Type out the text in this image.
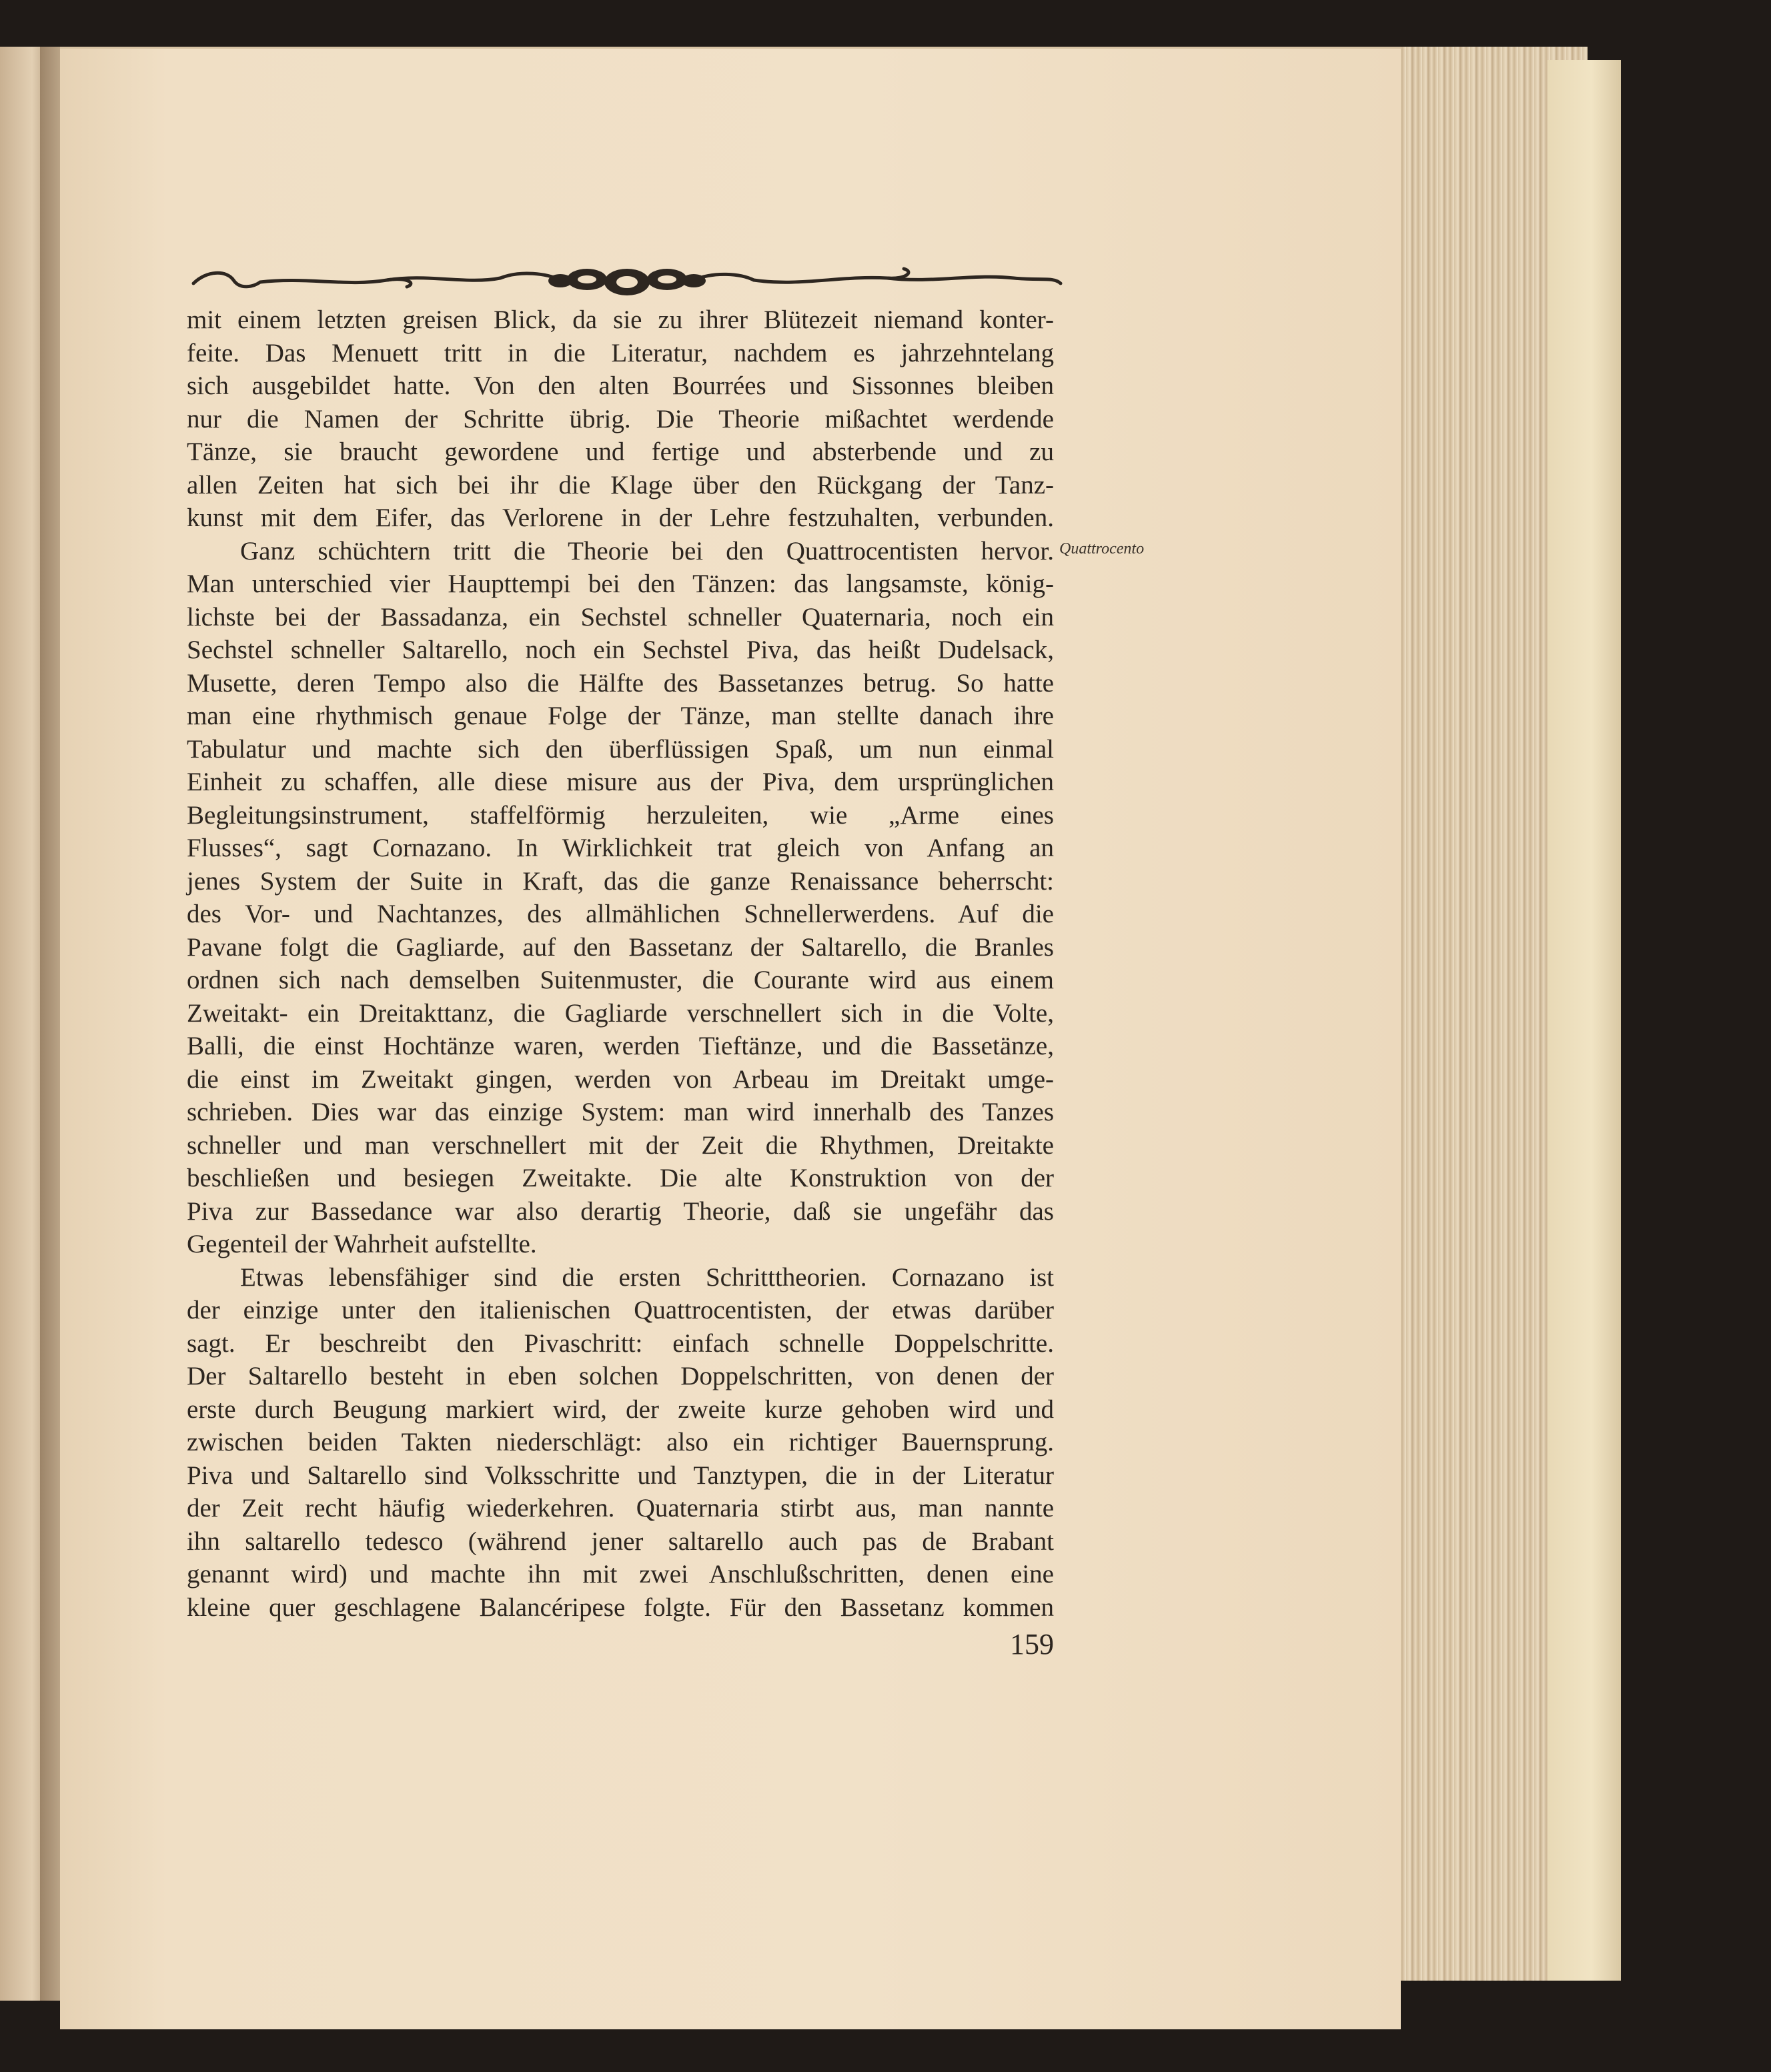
mit einem letzten greisen Blick, da sie zu ihrer Blütezeit niemand konter-
feite. Das Menuett tritt in die Literatur, nachdem es jahrzehntelang
sich ausgebildet hatte. Von den alten Bourrées und Sissonnes bleiben
nur die Namen der Schritte übrig. Die Theorie mißachtet werdende
Tänze, sie braucht gewordene und fertige und absterbende und zu
allen Zeiten hat sich bei ihr die Klage über den Rückgang der Tanz-
kunst mit dem Eifer, das Verlorene in der Lehre festzuhalten, verbunden.
Ganz schüchtern tritt die Theorie bei den Quattrocentisten hervor.
Man unterschied vier Haupttempi bei den Tänzen: das langsamste, könig-
lichste bei der Bassadanza, ein Sechstel schneller Quaternaria, noch ein
Sechstel schneller Saltarello, noch ein Sechstel Piva, das heißt Dudelsack,
Musette, deren Tempo also die Hälfte des Bassetanzes betrug. So hatte
man eine rhythmisch genaue Folge der Tänze, man stellte danach ihre
Tabulatur und machte sich den überflüssigen Spaß, um nun einmal
Einheit zu schaffen, alle diese misure aus der Piva, dem ursprünglichen
Begleitungsinstrument, staffelförmig herzuleiten, wie „Arme eines
Flusses“, sagt Cornazano. In Wirklichkeit trat gleich von Anfang an
jenes System der Suite in Kraft, das die ganze Renaissance beherrscht:
des Vor- und Nachtanzes, des allmählichen Schnellerwerdens. Auf die
Pavane folgt die Gagliarde, auf den Bassetanz der Saltarello, die Branles
ordnen sich nach demselben Suitenmuster, die Courante wird aus einem
Zweitakt- ein Dreitakttanz, die Gagliarde verschnellert sich in die Volte,
Balli, die einst Hochtänze waren, werden Tieftänze, und die Bassetänze,
die einst im Zweitakt gingen, werden von Arbeau im Dreitakt umge-
schrieben. Dies war das einzige System: man wird innerhalb des Tanzes
schneller und man verschnellert mit der Zeit die Rhythmen, Dreitakte
beschließen und besiegen Zweitakte. Die alte Konstruktion von der
Piva zur Bassedance war also derartig Theorie, daß sie ungefähr das
Gegenteil der Wahrheit aufstellte.
Etwas lebensfähiger sind die ersten Schritttheorien. Cornazano ist
der einzige unter den italienischen Quattrocentisten, der etwas darüber
sagt. Er beschreibt den Pivaschritt: einfach schnelle Doppelschritte.
Der Saltarello besteht in eben solchen Doppelschritten, von denen der
erste durch Beugung markiert wird, der zweite kurze gehoben wird und
zwischen beiden Takten niederschlägt: also ein richtiger Bauernsprung.
Piva und Saltarello sind Volksschritte und Tanztypen, die in der Literatur
der Zeit recht häufig wiederkehren. Quaternaria stirbt aus, man nannte
ihn saltarello tedesco (während jener saltarello auch pas de Brabant
genannt wird) und machte ihn mit zwei Anschlußschritten, denen eine
kleine quer geschlagene Balancéripese folgte. Für den Bassetanz kommen
Quattrocento
159
